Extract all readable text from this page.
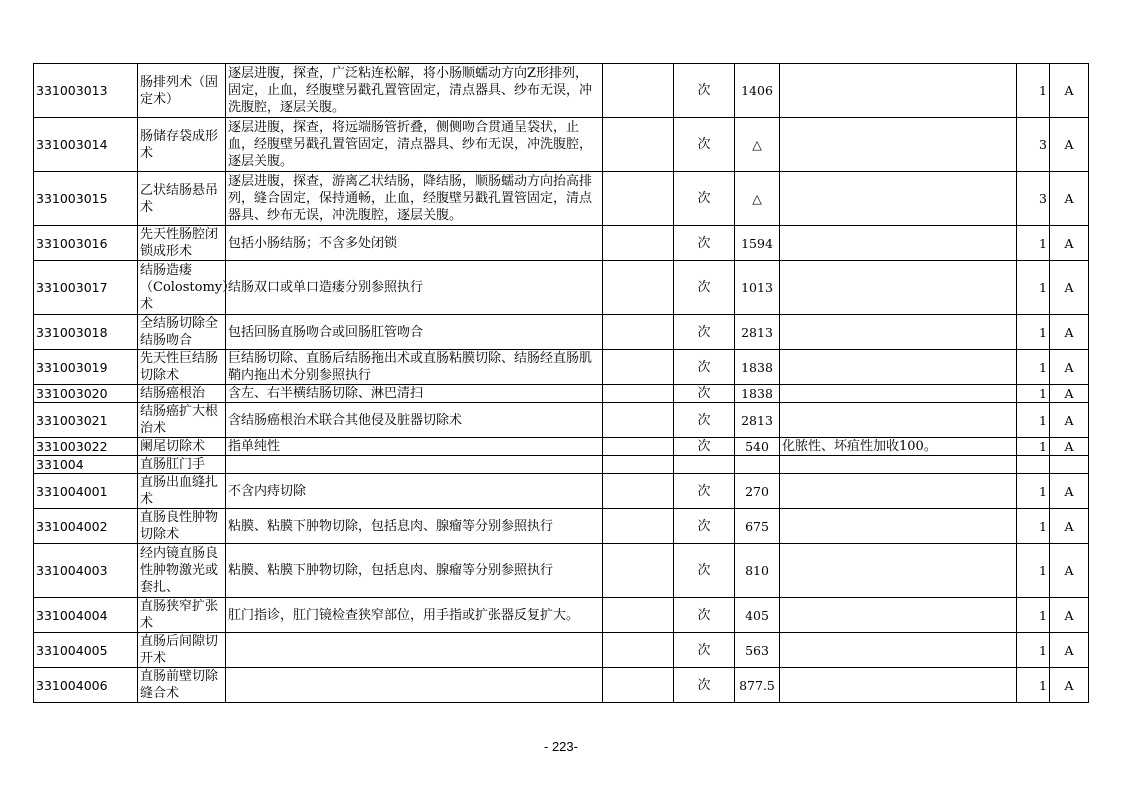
331003013	肠排列术（固定术）	逐层进腹，探查，广泛粘连松解，将小肠顺蠕动方向Z形排列，固定，止血，经腹壁另戳孔置管固定，清点器具、纱布无误，冲洗腹腔，逐层关腹。		次	1406		1	A
331003014	肠储存袋成形术	逐层进腹，探查，将远端肠管折叠，侧侧吻合贯通呈袋状，止血，经腹壁另戳孔置管固定，清点器具、纱布无误，冲洗腹腔，逐层关腹。		次	△		3	A
331003015	乙状结肠悬吊术	逐层进腹，探查，游离乙状结肠，降结肠，顺肠蠕动方向抬高排列，缝合固定，保持通畅，止血，经腹壁另戳孔置管固定，清点器具、纱布无误，冲洗腹腔，逐层关腹。		次	△		3	A
331003016	先天性肠腔闭锁成形术	包括小肠结肠；不含多处闭锁		次	1594		1	A
331003017	结肠造瘘（Colostomy）术	结肠双口或单口造瘘分别参照执行		次	1013		1	A
331003018	全结肠切除全结肠吻合	包括回肠直肠吻合或回肠肛管吻合		次	2813		1	A
331003019	先天性巨结肠切除术	巨结肠切除、直肠后结肠拖出术或直肠粘膜切除、结肠经直肠肌鞘内拖出术分别参照执行		次	1838		1	A
331003020	结肠癌根治	含左、右半横结肠切除、淋巴清扫		次	1838		1	A
331003021	结肠癌扩大根治术	含结肠癌根治术联合其他侵及脏器切除术		次	2813		1	A
331003022	阑尾切除术	指单纯性		次	540	化脓性、坏疽性加收100。	1	A
331004	直肠肛门手							
331004001	直肠出血缝扎术	不含内痔切除		次	270		1	A
331004002	直肠良性肿物切除术	粘膜、粘膜下肿物切除，包括息肉、腺瘤等分别参照执行		次	675		1	A
331004003	经内镜直肠良性肿物激光或套扎、	粘膜、粘膜下肿物切除，包括息肉、腺瘤等分别参照执行		次	810		1	A
331004004	直肠狭窄扩张术	肛门指诊，肛门镜检查狭窄部位，用手指或扩张器反复扩大。		次	405		1	A
331004005	直肠后间隙切开术			次	563		1	A
331004006	直肠前壁切除缝合术			次	877.5		1	A
- 223-
